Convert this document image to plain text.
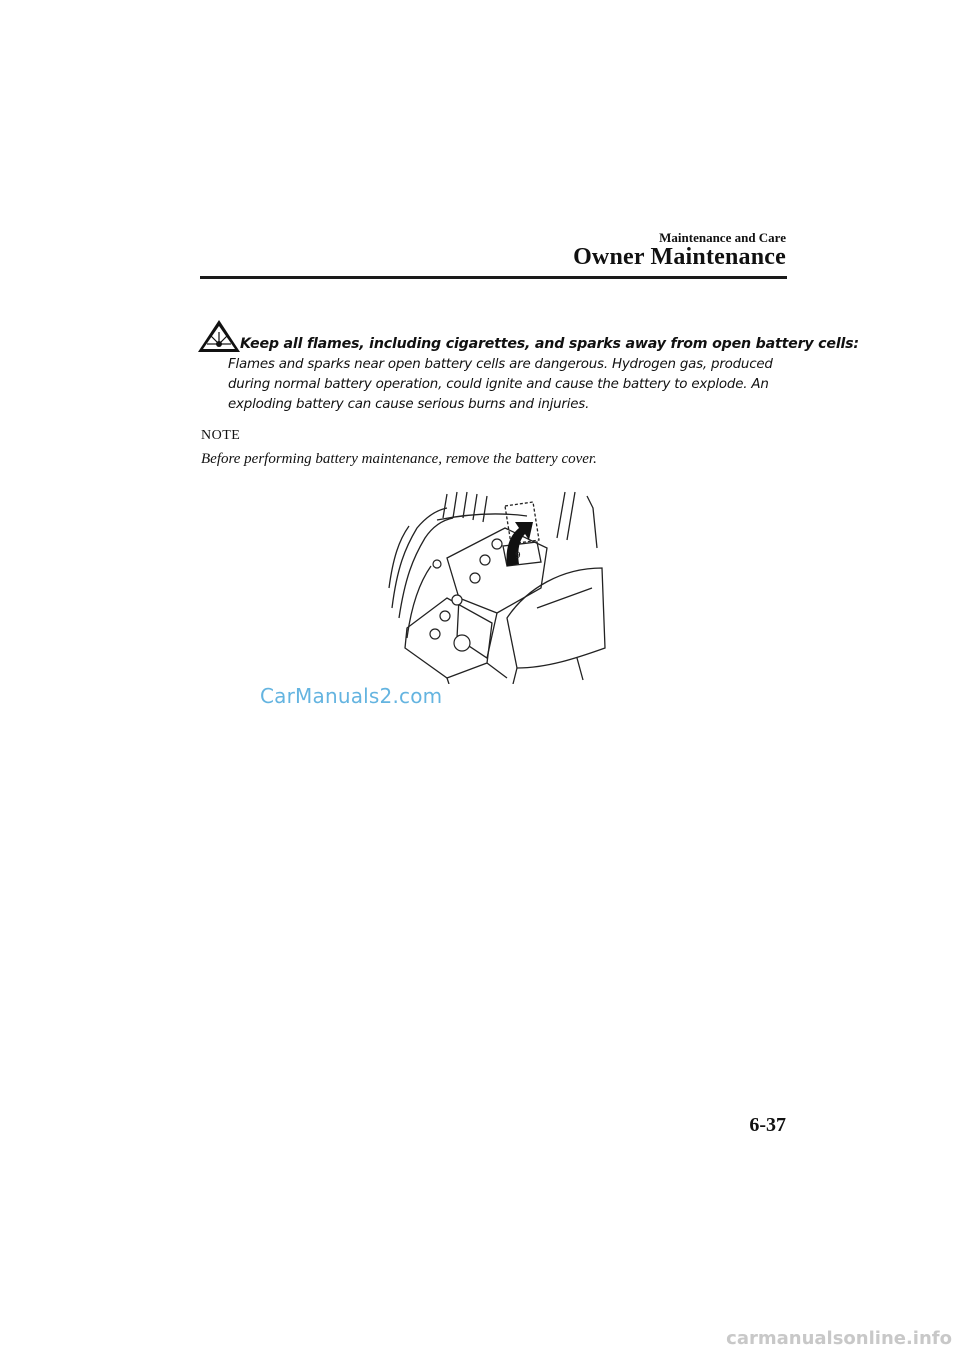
Maintenance and Care
Owner Maintenance
Keep all flames, including cigarettes, and sparks away from open battery cells:
Flames and sparks near open battery cells are dangerous. Hydrogen gas, produced during normal battery operation, could ignite and cause the battery to explode. An exploding battery can cause serious burns and injuries.
NOTE
Before performing battery maintenance, remove the battery cover.
9
CarManuals2.com
6-37
carmanualsonline.info
